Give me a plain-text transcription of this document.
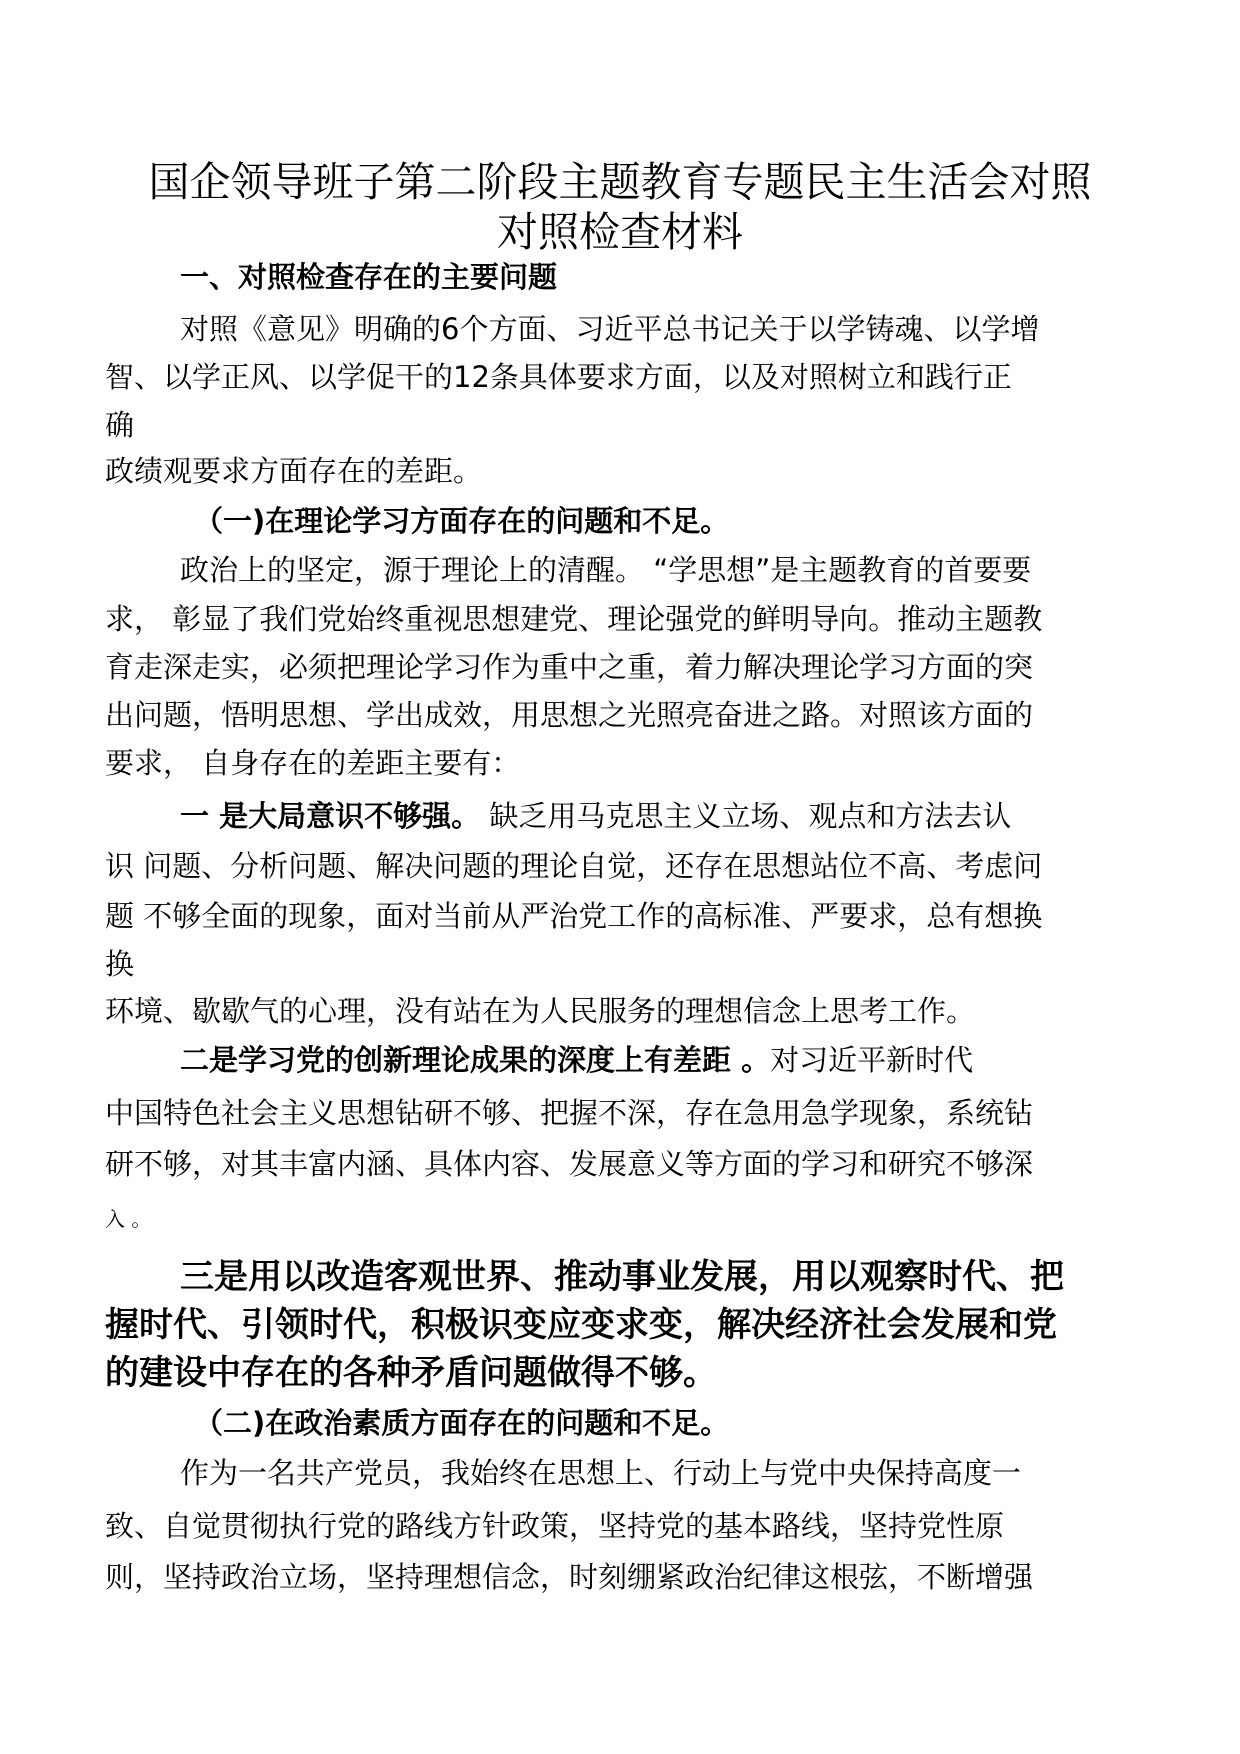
国企领导班子第二阶段主题教育专题民主生活会对照
对照检查材料
一、对照检查存在的主要问题
对照《意见》明确的6个方面、习近平总书记关于以学铸魂、以学增
智、以学正风、以学促干的12条具体要求方面，以及对照树立和践行正
确
政绩观要求方面存在的差距。
（一)在理论学习方面存在的问题和不足。
政治上的坚定，源于理论上的清醒。 “学思想”是主题教育的首要要
求， 彰显了我们党始终重视思想建党、理论强党的鲜明导向。推动主题教
育走深走实，必须把理论学习作为重中之重，着力解决理论学习方面的突
出问题，悟明思想、学出成效，用思想之光照亮奋进之路。对照该方面的
要求， 自身存在的差距主要有：
一 是大局意识不够强。 缺乏用马克思主义立场、观点和方法去认
识 问题、分析问题、解决问题的理论自觉，还存在思想站位不高、考虑问
题 不够全面的现象，面对当前从严治党工作的高标准、严要求，总有想换
换
环境、歇歇气的心理，没有站在为人民服务的理想信念上思考工作。
二是学习党的创新理论成果的深度上有差距 。对习近平新时代
中国特色社会主义思想钻研不够、把握不深，存在急用急学现象，系统钻
研不够，对其丰富内涵、具体内容、发展意义等方面的学习和研究不够深
入 。
三是用以改造客观世界、推动事业发展，用以观察时代、把
握时代、引领时代，积极识变应变求变，解决经济社会发展和党
的建设中存在的各种矛盾问题做得不够。
（二)在政治素质方面存在的问题和不足。
作为一名共产党员，我始终在思想上、行动上与党中央保持高度一
致、自觉贯彻执行党的路线方针政策，坚持党的基本路线，坚持党性原
则，坚持政治立场，坚持理想信念，时刻绷紧政治纪律这根弦，不断增强
